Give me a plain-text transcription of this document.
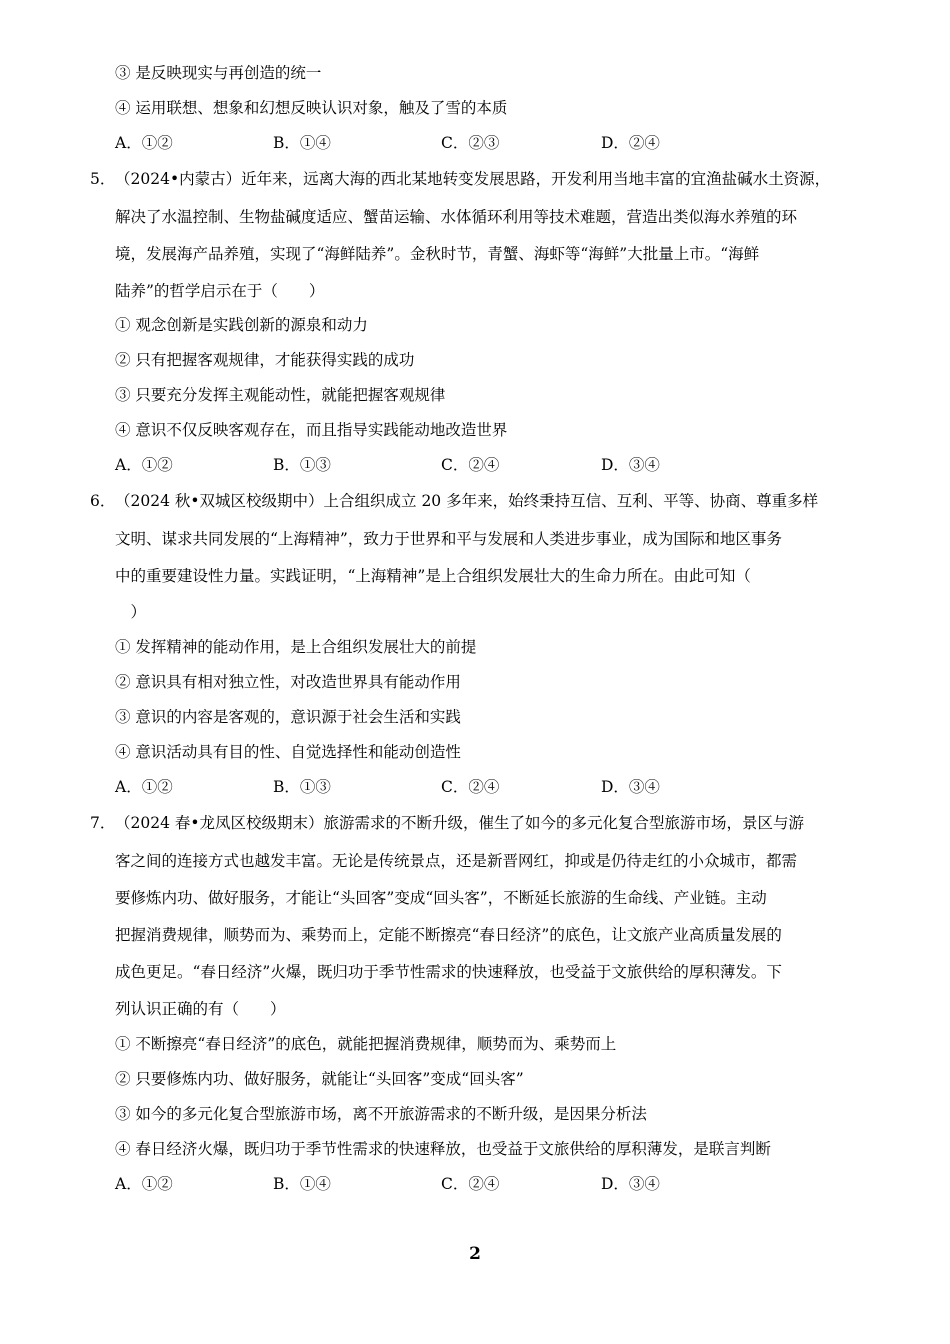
③ 是反映现实与再创造的统一
④ 运用联想、想象和幻想反映认识对象，触及了雪的本质
A．①②	B．①④	C．②③	D．②④
5． （2024•内蒙古）近年来，远离大海的西北某地转变发展思路，开发利用当地丰富的宜渔盐碱水土资源，
解决了水温控制、生物盐碱度适应、蟹苗运输、水体循环利用等技术难题，营造出类似海水养殖的环
境，发展海产品养殖，实现了“海鲜陆养”。金秋时节，青蟹、海虾等“海鲜”大批量上市。“海鲜
陆养”的哲学启示在于（　　）
① 观念创新是实践创新的源泉和动力
② 只有把握客观规律，才能获得实践的成功
③ 只要充分发挥主观能动性，就能把握客观规律
④ 意识不仅反映客观存在，而且指导实践能动地改造世界
A．①②	B．①③	C．②④	D．③④
6． （2024 秋•双城区校级期中）上合组织成立 20 多年来，始终秉持互信、互利、平等、协商、尊重多样
文明、谋求共同发展的“上海精神”，致力于世界和平与发展和人类进步事业，成为国际和地区事务
中的重要建设性力量。实践证明，“上海精神”是上合组织发展壮大的生命力所在。由此可知（
　）
① 发挥精神的能动作用，是上合组织发展壮大的前提
② 意识具有相对独立性，对改造世界具有能动作用
③ 意识的内容是客观的，意识源于社会生活和实践
④ 意识活动具有目的性、自觉选择性和能动创造性
A．①②	B．①③	C．②④	D．③④
7． （2024 春•龙凤区校级期末）旅游需求的不断升级，催生了如今的多元化复合型旅游市场，景区与游
客之间的连接方式也越发丰富。无论是传统景点，还是新晋网红，抑或是仍待走红的小众城市，都需
要修炼内功、做好服务，才能让“头回客”变成“回头客”，不断延长旅游的生命线、产业链。主动
把握消费规律，顺势而为、乘势而上，定能不断擦亮“春日经济”的底色，让文旅产业高质量发展的
成色更足。“春日经济”火爆，既归功于季节性需求的快速释放，也受益于文旅供给的厚积薄发。下
列认识正确的有（　　）
① 不断擦亮“春日经济”的底色，就能把握消费规律，顺势而为、乘势而上
② 只要修炼内功、做好服务，就能让“头回客”变成“回头客”
③ 如今的多元化复合型旅游市场，离不开旅游需求的不断升级，是因果分析法
④ 春日经济火爆，既归功于季节性需求的快速释放，也受益于文旅供给的厚积薄发，是联言判断
A．①②	B．①④	C．②④	D．③④
2
